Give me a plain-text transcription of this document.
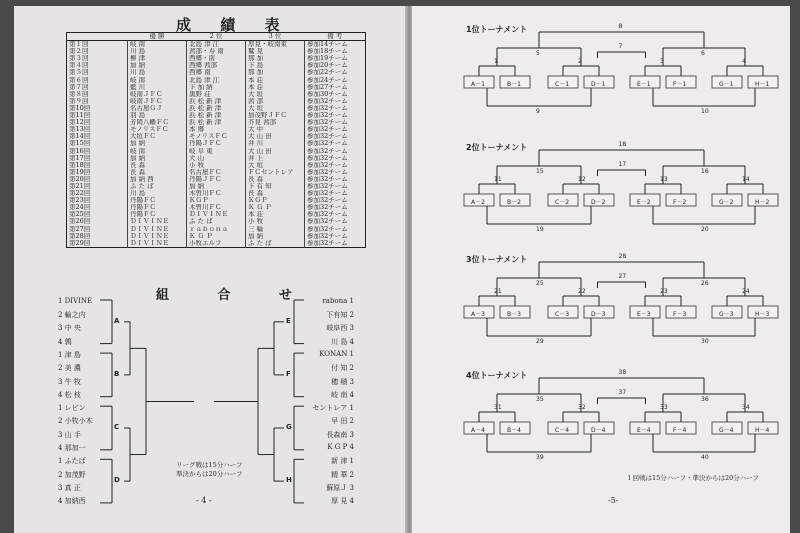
成 績 表
	優 勝	2 位	3 位	備 考
第１回	岐 南	北島 津 江	厚見・岐南東	参加14チーム
第２回	川 島	茜部・寿 南	鷲 見	参加18チーム
第３回	柳 津	西郷・南	那 加	参加19チーム
第４回	加 納	西郷 茜部	下 島	参加20チーム
第５回	川 島	西郷 南	那 加	参加22チーム
第６回	岐 南	北島 津 江	本 荘	参加24チーム
第７回	藍 川	下 加 納	本 荘	参加27チーム
第８回	岐南ＪＦＣ	黒野 荘	大 垣	参加30チーム
第９回	岐南ＪＦＣ	浜 松 新 津	茜 部	参加32チーム
第10回	名古屋ＧＪ	浜 松 新 津	大 垣	参加32チーム
第11回	羽 島	浜 松 新 津	加茂野ＪＦＣ	参加32チーム
第12回	芳岡八幡ＦＣ	浜 松 新 津	芥見 茜部	参加32チーム
第13回	モノリスＦＣ	本 郷	大 中	参加32チーム
第14回	大垣ＦＣ	モノリスＦＣ	大 山 田	参加32チーム
第15回	加 納	丹陽ＪＦＣ	井 川	参加32チーム
第16回	岐 南	岐 阜 東	大 山 田	参加32チーム
第17回	加 納	大 山	井 上	参加32チーム
第18回	長 森	小 牧	大 垣	参加32チーム
第19回	長 森	名古屋ＦＣ	ＦＣセントレア	参加32チーム
第20回	加 納 西	丹陽ＪＦＣ	長 森	参加32チーム
第21回	ふ た ば	加 納	下 有 知	参加32チーム
第22回	川 島	木曽川ＦＣ	長 森	参加32チーム
第23回	丹陽ＦＣ	ＫＧＰ	ＫＧＰ	参加32チーム
第24回	丹陽ＦＣ	木曽川ＦＣ	Ｋ Ｇ Ｐ	参加32チーム
第25回	丹陽ＦＣ	ＤＩＶＩＮＥ	本 荘	参加32チーム
第26回	ＤＩＶＩＮＥ	ふ た ば	小 牧	参加32チーム
第27回	ＤＩＶＩＮＥ	ｒａｂｏｎａ	三 輪	参加32チーム
第28回	ＤＩＶＩＮＥ	Ｋ Ｇ Ｐ	加 納	参加32チーム
第29回	ＤＩＶＩＮＥ	小牧エルフ	ふ た ば	参加32チーム
組 合 せ
1 DIVINE
2 輪之内
3 中 央
4 鶉
1 津 島
2 美 濃
3 牛 牧
4 松 枝
1 レビン
2 小牧小木
3 山 手
4 那加一
1 ふたば
2 加茂野
3 真 正
4 加納西
rabona 1
下有知 2
岐阜西 3
川 島 4
KONAN 1
付 知 2
穂 積 3
岐 南 4
セントレア 1
早 田 2
長森南 3
K G P 4
新 津 1
精 華 2
蘇原Ｊ 3
厚 見 4
リーグ戦は15分ハーフ
準決からは20分ハーフ
- 4 -
A－1	B－1	C－1	D－1	E－1	F－1	G－1	H－1
1	2	3	4
5	6
8
7
9	10
A－2	B－2	C－2	D－2	E－2	F－2	G－2	H－2
11	12	13	14
15	16
18
17
19	20
A－3	B－3	C－3	D－3	E－3	F－3	G－3	H－3
21	22	23	24
25	26
28
27
29	30
A－4	B－4	C－4	D－4	E－4	F－4	G－4	H－4
31	32	33	34
35	36
38
37
39	40
１回戦は15分ハーフ・準決からは20分ハーフ
-5-
A
B
C
D
E
F
G
H
1位トーナメント
2位トーナメント
3位トーナメント
4位トーナメント
